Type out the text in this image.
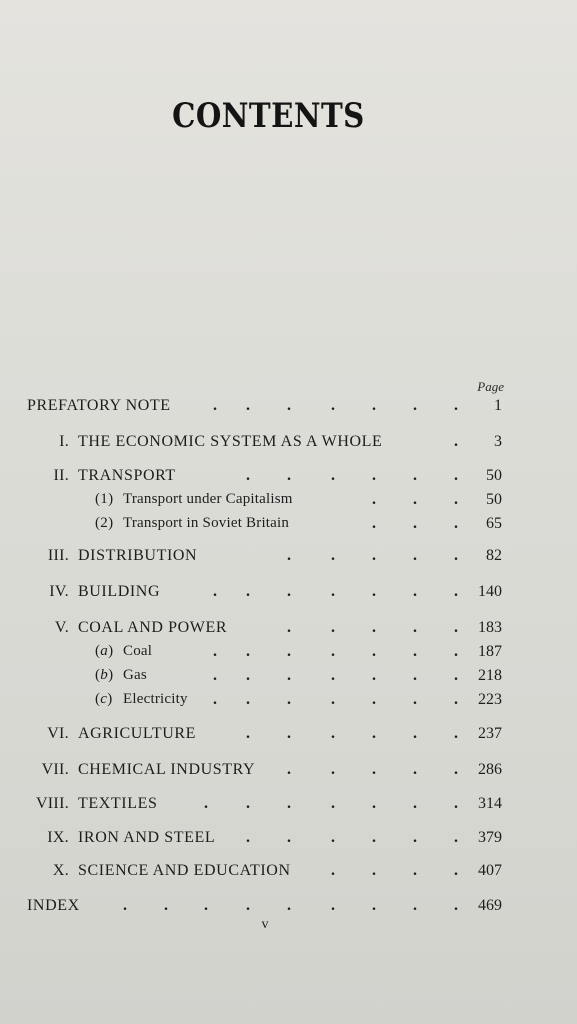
CONTENTS
Page
PREFATORY NOTE	. . .	. . . . 1
I. THE ECONOMIC SYSTEM AS A WHOLE	. 3
II. TRANSPORT	. .	. . . . 50
(1) Transport under Capitalism	. . . 50
(2) Transport in Soviet Britain	. . . 65
III. DISTRIBUTION	.	. . . . 82
IV. BUILDING	. . .	. . . . 140
V. COAL AND POWER	.	. . . . 183
(a) Coal	. . .	. . . . 187
(b) Gas	. . .	. . . . 218
(c) Electricity . . .	. . . . 223
VI. AGRICULTURE	. .	. . . . 237
VII. CHEMICAL INDUSTRY .	. . . . 286
VIII. TEXTILES	. . .	. . . . 314
IX. IRON AND STEEL . .	. . . . 379
X. SCIENCE AND EDUCATION	. . . . 407
INDEX	. . . . .	. . . . 469
v
